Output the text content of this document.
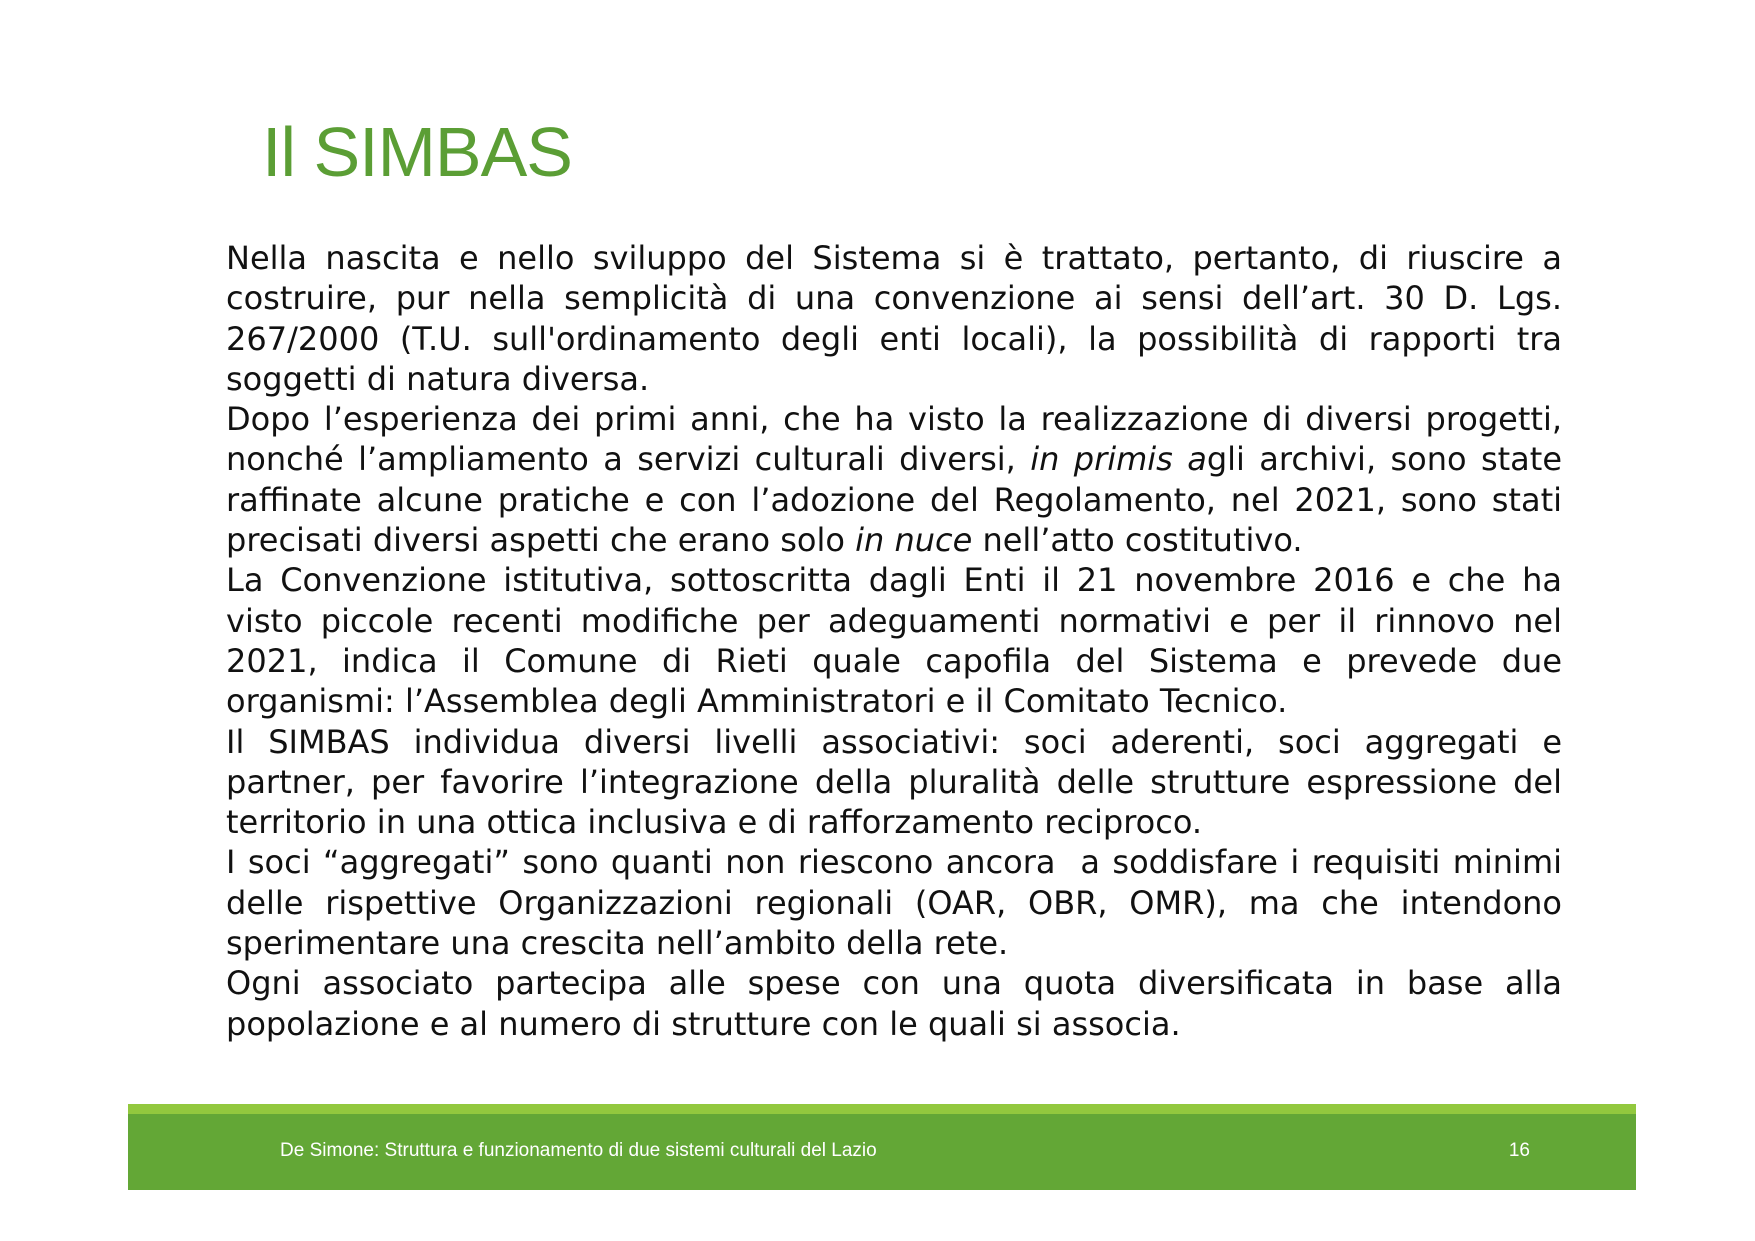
Il SIMBAS

Nella nascita e nello sviluppo del Sistema si è trattato, pertanto, di riuscire a costruire, pur nella semplicità di una convenzione ai sensi dell’art. 30 D. Lgs. 267/2000 (T.U. sull'ordinamento degli enti locali), la possibilità di rapporti tra soggetti di natura diversa.

Dopo l’esperienza dei primi anni, che ha visto la realizzazione di diversi progetti, nonché l’ampliamento a servizi culturali diversi, in primis agli archivi, sono state raffinate alcune pratiche e con l’adozione del Regolamento, nel 2021, sono stati precisati diversi aspetti che erano solo in nuce nell’atto costitutivo.

La Convenzione istitutiva, sottoscritta dagli Enti il 21 novembre 2016 e che ha visto piccole recenti modifiche per adeguamenti normativi e per il rinnovo nel 2021, indica il Comune di Rieti quale capofila del Sistema e prevede due organismi: l’Assemblea degli Amministratori e il Comitato Tecnico.

Il SIMBAS individua diversi livelli associativi: soci aderenti, soci aggregati e partner, per favorire l’integrazione della pluralità delle strutture espressione del territorio in una ottica inclusiva e di rafforzamento reciproco.

I soci “aggregati” sono quanti non riescono ancora  a soddisfare i requisiti minimi delle rispettive Organizzazioni regionali (OAR, OBR, OMR), ma che intendono  sperimentare una crescita nell’ambito della rete.

Ogni associato partecipa alle spese con una quota diversificata in base alla popolazione e al numero di strutture con le quali si associa.

De Simone: Struttura e funzionamento di due sistemi culturali del Lazio	16
